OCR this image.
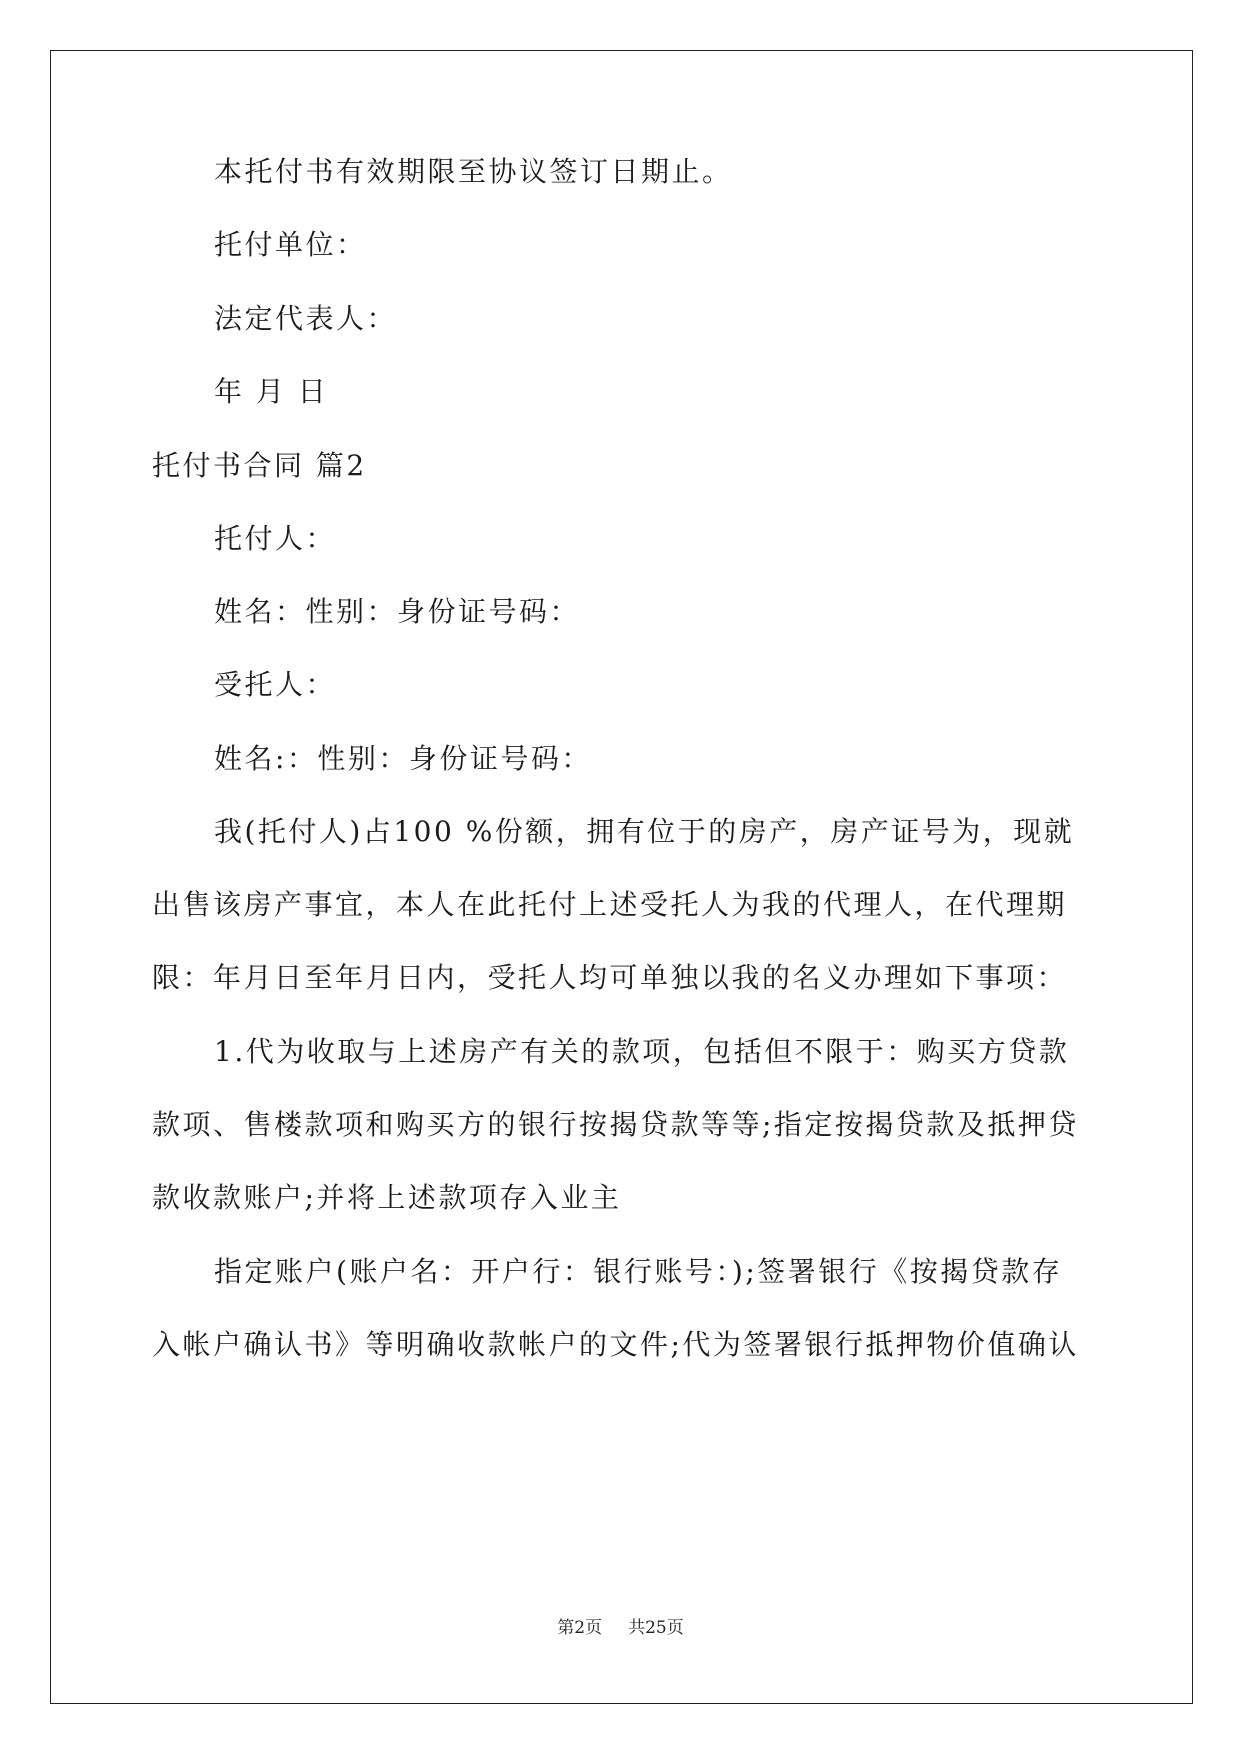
本托付书有效期限至协议签订日期止。
托付单位：
法定代表人：
年 月 日
托付书合同 篇2
托付人：
姓名：性别：身份证号码：
受托人：
姓名:：性别：身份证号码：
我(托付人)占100 %份额，拥有位于的房产，房产证号为，现就
出售该房产事宜，本人在此托付上述受托人为我的代理人，在代理期
限：年月日至年月日内，受托人均可单独以我的名义办理如下事项：
1.代为收取与上述房产有关的款项，包括但不限于：购买方贷款
款项、售楼款项和购买方的银行按揭贷款等等;指定按揭贷款及抵押贷
款收款账户;并将上述款项存入业主
指定账户(账户名：开户行：银行账号：);签署银行《按揭贷款存
入帐户确认书》等明确收款帐户的文件;代为签署银行抵押物价值确认
第2页 共25页
